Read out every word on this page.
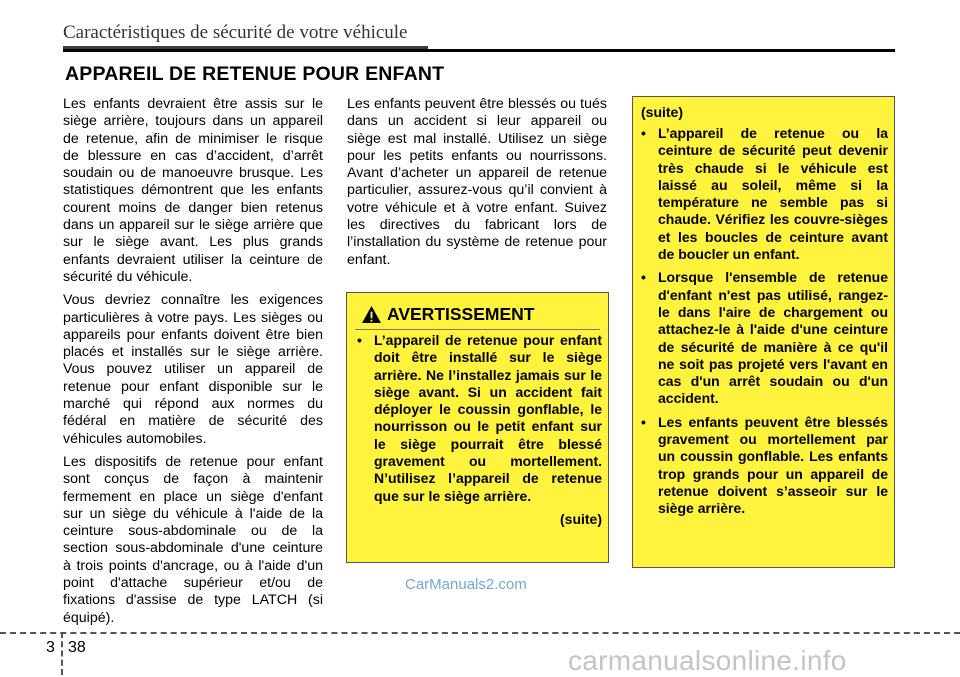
Caractéristiques de sécurité de votre véhicule
APPAREIL DE RETENUE POUR ENFANT

Les enfants devraient être assis sur le siège arrière, toujours dans un appareil de retenue, afin de minimiser le risque de blessure en cas d’accident, d’arrêt soudain ou de manoeuvre brusque. Les statistiques démontrent que les enfants courent moins de danger bien retenus dans un appareil sur le siège arrière que sur le siège avant. Les plus grands enfants devraient utiliser la ceinture de sécurité du véhicule.

Vous devriez connaître les exigences particulières à votre pays. Les sièges ou appareils pour enfants doivent être bien placés et installés sur le siège arrière. Vous pouvez utiliser un appareil de retenue pour enfant disponible sur le marché qui répond aux normes du fédéral en matière de sécurité des véhicules automobiles.

Les dispositifs de retenue pour enfant sont conçus de façon à maintenir fermement en place un siège d'enfant sur un siège du véhicule à l'aide de la ceinture sous-abdominale ou de la section sous-abdominale d'une ceinture à trois points d'ancrage, ou à l'aide d'un point d'attache supérieur et/ou de fixations d'assise de type LATCH (si équipé).

Les enfants peuvent être blessés ou tués dans un accident si leur appareil ou siège est mal installé. Utilisez un siège pour les petits enfants ou nourrissons. Avant d’acheter un appareil de retenue particulier, assurez-vous qu’il convient à votre véhicule et à votre enfant. Suivez les directives du fabricant lors de l’installation du système de retenue pour enfant.

AVERTISSEMENT
• L’appareil de retenue pour enfant doit être installé sur le siège arrière. Ne l’installez jamais sur le siège avant. Si un accident fait déployer le coussin gonflable, le nourrisson ou le petit enfant sur le siège pourrait être blessé gravement ou mortellement. N’utilisez l’appareil de retenue que sur le siège arrière.
(suite)
(suite)
• L’appareil de retenue ou la ceinture de sécurité peut devenir très chaude si le véhicule est laissé au soleil, même si la température ne semble pas si chaude. Vérifiez les couvre-sièges et les boucles de ceinture avant de boucler un enfant.
• Lorsque l'ensemble de retenue d'enfant n'est pas utilisé, rangez-le dans l'aire de chargement ou attachez-le à l'aide d'une ceinture de sécurité de manière à ce qu'il ne soit pas projeté vers l'avant en cas d'un arrêt soudain ou d'un accident.
• Les enfants peuvent être blessés gravement ou mortellement par un coussin gonflable. Les enfants trop grands pour un appareil de retenue doivent s’asseoir sur le siège arrière.
CarManuals2.com
3 38	carmanualsonline.info
